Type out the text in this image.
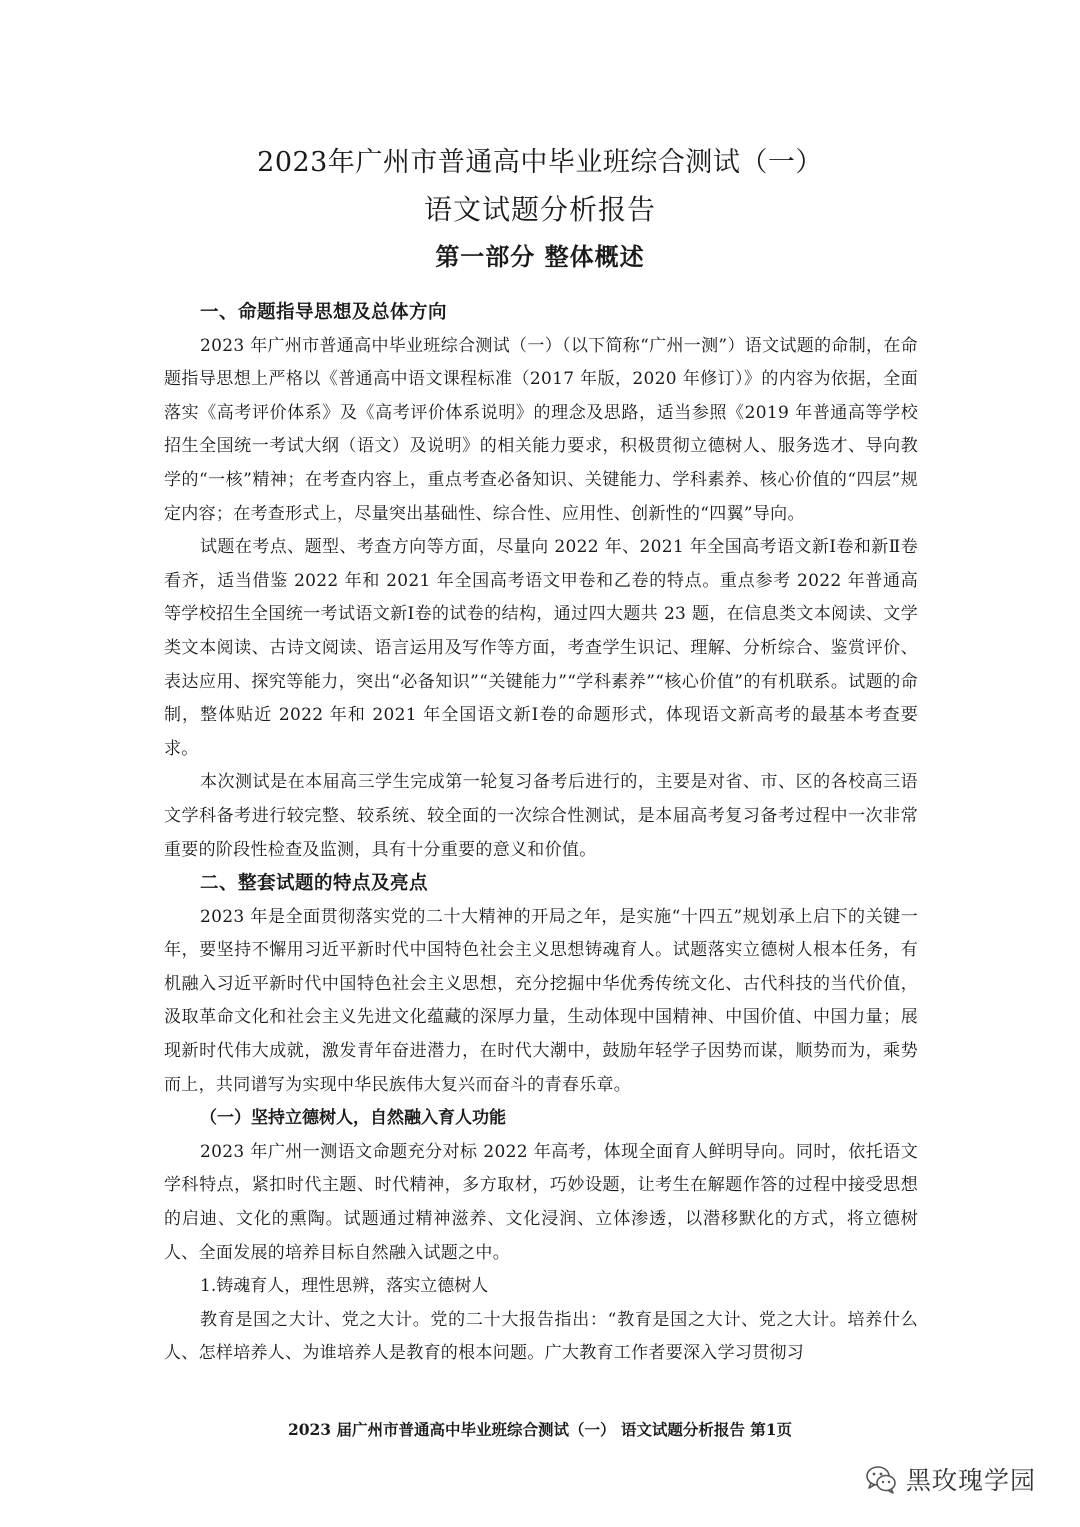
2023年广州市普通高中毕业班综合测试（一）
语文试题分析报告
第一部分 整体概述

一、命题指导思想及总体方向

2023 年广州市普通高中毕业班综合测试（一）（以下简称“广州一测”）语文试题的命制，在命题指导思想上严格以《普通高中语文课程标准（2017 年版，2020 年修订）》的内容为依据，全面落实《高考评价体系》及《高考评价体系说明》的理念及思路，适当参照《2019 年普通高等学校招生全国统一考试大纲（语文）及说明》的相关能力要求，积极贯彻立德树人、服务选才、导向教学的“一核”精神；在考查内容上，重点考查必备知识、关键能力、学科素养、核心价值的“四层”规定内容；在考查形式上，尽量突出基础性、综合性、应用性、创新性的“四翼”导向。

试题在考点、题型、考查方向等方面，尽量向 2022 年、2021 年全国高考语文新Ⅰ卷和新Ⅱ卷看齐，适当借鉴 2022 年和 2021 年全国高考语文甲卷和乙卷的特点。重点参考 2022 年普通高等学校招生全国统一考试语文新Ⅰ卷的试卷的结构，通过四大题共 23 题，在信息类文本阅读、文学类文本阅读、古诗文阅读、语言运用及写作等方面，考查学生识记、理解、分析综合、鉴赏评价、表达应用、探究等能力，突出“必备知识”“关键能力”“学科素养”“核心价值”的有机联系。试题的命制，整体贴近 2022 年和 2021 年全国语文新Ⅰ卷的命题形式，体现语文新高考的最基本考查要求。

本次测试是在本届高三学生完成第一轮复习备考后进行的，主要是对省、市、区的各校高三语文学科备考进行较完整、较系统、较全面的一次综合性测试，是本届高考复习备考过程中一次非常重要的阶段性检查及监测，具有十分重要的意义和价值。

二、整套试题的特点及亮点

2023 年是全面贯彻落实党的二十大精神的开局之年，是实施“十四五”规划承上启下的关键一年，要坚持不懈用习近平新时代中国特色社会主义思想铸魂育人。试题落实立德树人根本任务，有机融入习近平新时代中国特色社会主义思想，充分挖掘中华优秀传统文化、古代科技的当代价值，汲取革命文化和社会主义先进文化蕴藏的深厚力量，生动体现中国精神、中国价值、中国力量；展现新时代伟大成就，激发青年奋进潜力，在时代大潮中，鼓励年轻学子因势而谋，顺势而为，乘势而上，共同谱写为实现中华民族伟大复兴而奋斗的青春乐章。

（一）坚持立德树人，自然融入育人功能

2023 年广州一测语文命题充分对标 2022 年高考，体现全面育人鲜明导向。同时，依托语文学科特点，紧扣时代主题、时代精神，多方取材，巧妙设题，让考生在解题作答的过程中接受思想的启迪、文化的熏陶。试题通过精神滋养、文化浸润、立体渗透，以潜移默化的方式，将立德树人、全面发展的培养目标自然融入试题之中。

1.铸魂育人，理性思辨，落实立德树人

教育是国之大计、党之大计。党的二十大报告指出：“教育是国之大计、党之大计。培养什么人、怎样培养人、为谁培养人是教育的根本问题。广大教育工作者要深入学习贯彻习

2023 届广州市普通高中毕业班综合测试（一） 语文试题分析报告 第1页
黑玫瑰学园
